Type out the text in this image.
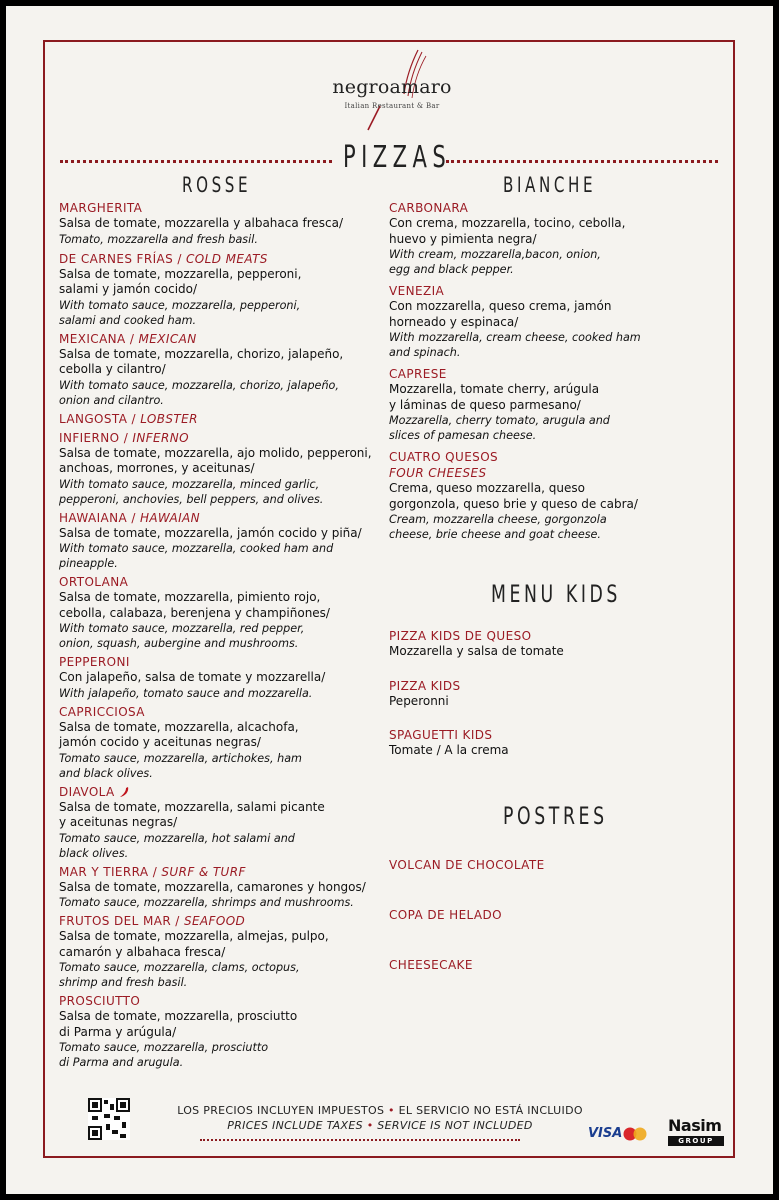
negroamaro
Italian Restaurant & Bar
PIZZAS
ROSSE	BIANCHE
MARGHERITA
Salsa de tomate, mozzarella y albahaca fresca/
Tomato, mozzarella and fresh basil.
DE CARNES FRÍAS / COLD MEATS
Salsa de tomate, mozzarella, pepperoni,
salami y jamón cocido/
With tomato sauce, mozzarella, pepperoni,
salami and cooked ham.
MEXICANA / MEXICAN
Salsa de tomate, mozzarella, chorizo, jalapeño,
cebolla y cilantro/
With tomato sauce, mozzarella, chorizo, jalapeño,
onion and cilantro.
LANGOSTA / LOBSTER
INFIERNO / INFERNO
Salsa de tomate, mozzarella, ajo molido, pepperoni,
anchoas, morrones, y aceitunas/
With tomato sauce, mozzarella, minced garlic,
pepperoni, anchovies, bell peppers, and olives.
HAWAIANA / HAWAIAN
Salsa de tomate, mozzarella, jamón cocido y piña/
With tomato sauce, mozzarella, cooked ham and pineapple.
ORTOLANA
Salsa de tomate, mozzarella, pimiento rojo,
cebolla, calabaza, berenjena y champiñones/
With tomato sauce, mozzarella, red pepper,
onion, squash, aubergine and mushrooms.
PEPPERONI
Con jalapeño, salsa de tomate y mozzarella/
With jalapeño, tomato sauce and mozzarella.
CAPRICCIOSA
Salsa de tomate, mozzarella, alcachofa,
jamón cocido y aceitunas negras/
Tomato sauce, mozzarella, artichokes, ham
and black olives.
DIAVOLA
Salsa de tomate, mozzarella, salami picante
y aceitunas negras/
Tomato sauce, mozzarella, hot salami and
black olives.
MAR Y TIERRA / SURF & TURF
Salsa de tomate, mozzarella, camarones y hongos/
Tomato sauce, mozzarella, shrimps and mushrooms.
FRUTOS DEL MAR / SEAFOOD
Salsa de tomate, mozzarella, almejas, pulpo,
camarón y albahaca fresca/
Tomato sauce, mozzarella, clams, octopus,
shrimp and fresh basil.
PROSCIUTTO
Salsa de tomate, mozzarella, prosciutto
di Parma y arúgula/
Tomato sauce, mozzarella, prosciutto
di Parma and arugula.
CARBONARA
Con crema, mozzarella, tocino, cebolla,
huevo y pimienta negra/
With cream, mozzarella,bacon, onion,
egg and black pepper.
VENEZIA
Con mozzarella, queso crema, jamón
horneado y espinaca/
With mozzarella, cream cheese, cooked ham
and spinach.
CAPRESE
Mozzarella, tomate cherry, arúgula
y láminas de queso parmesano/
Mozzarella, cherry tomato, arugula and
slices of pamesan cheese.
CUATRO QUESOS
FOUR CHEESES
Crema, queso mozzarella, queso
gorgonzola, queso brie y queso de cabra/
Cream, mozzarella cheese, gorgonzola
cheese, brie cheese and goat cheese.
MENU KIDS
PIZZA KIDS DE QUESO
Mozzarella y salsa de tomate
PIZZA KIDS
Peperonni
SPAGUETTI KIDS
Tomate / A la crema
POSTRES
VOLCAN DE CHOCOLATE
COPA DE HELADO
CHEESECAKE
LOS PRECIOS INCLUYEN IMPUESTOS • EL SERVICIO NO ESTÁ INCLUIDO
PRICES INCLUDE TAXES • SERVICE IS NOT INCLUDED
VISA	Nasim
GROUP
